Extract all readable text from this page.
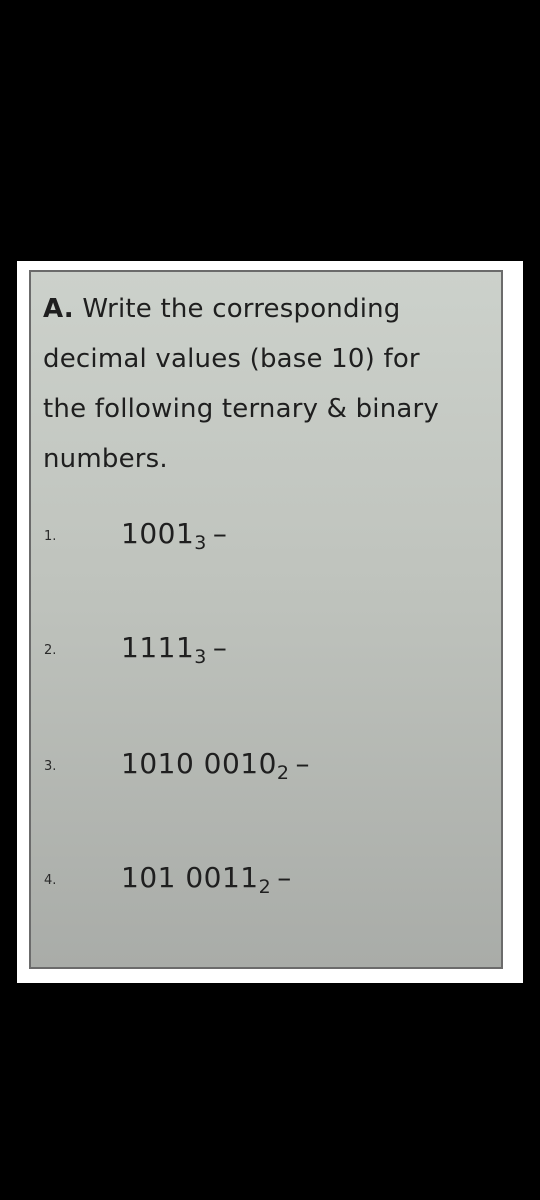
A. Write the corresponding
decimal values (base 10) for
the following ternary & binary
numbers.

1. $1001_3$ –
2. $1111_3$ –
3. 1010 $0010_2$ –
4. 101 $0011_2$ –
